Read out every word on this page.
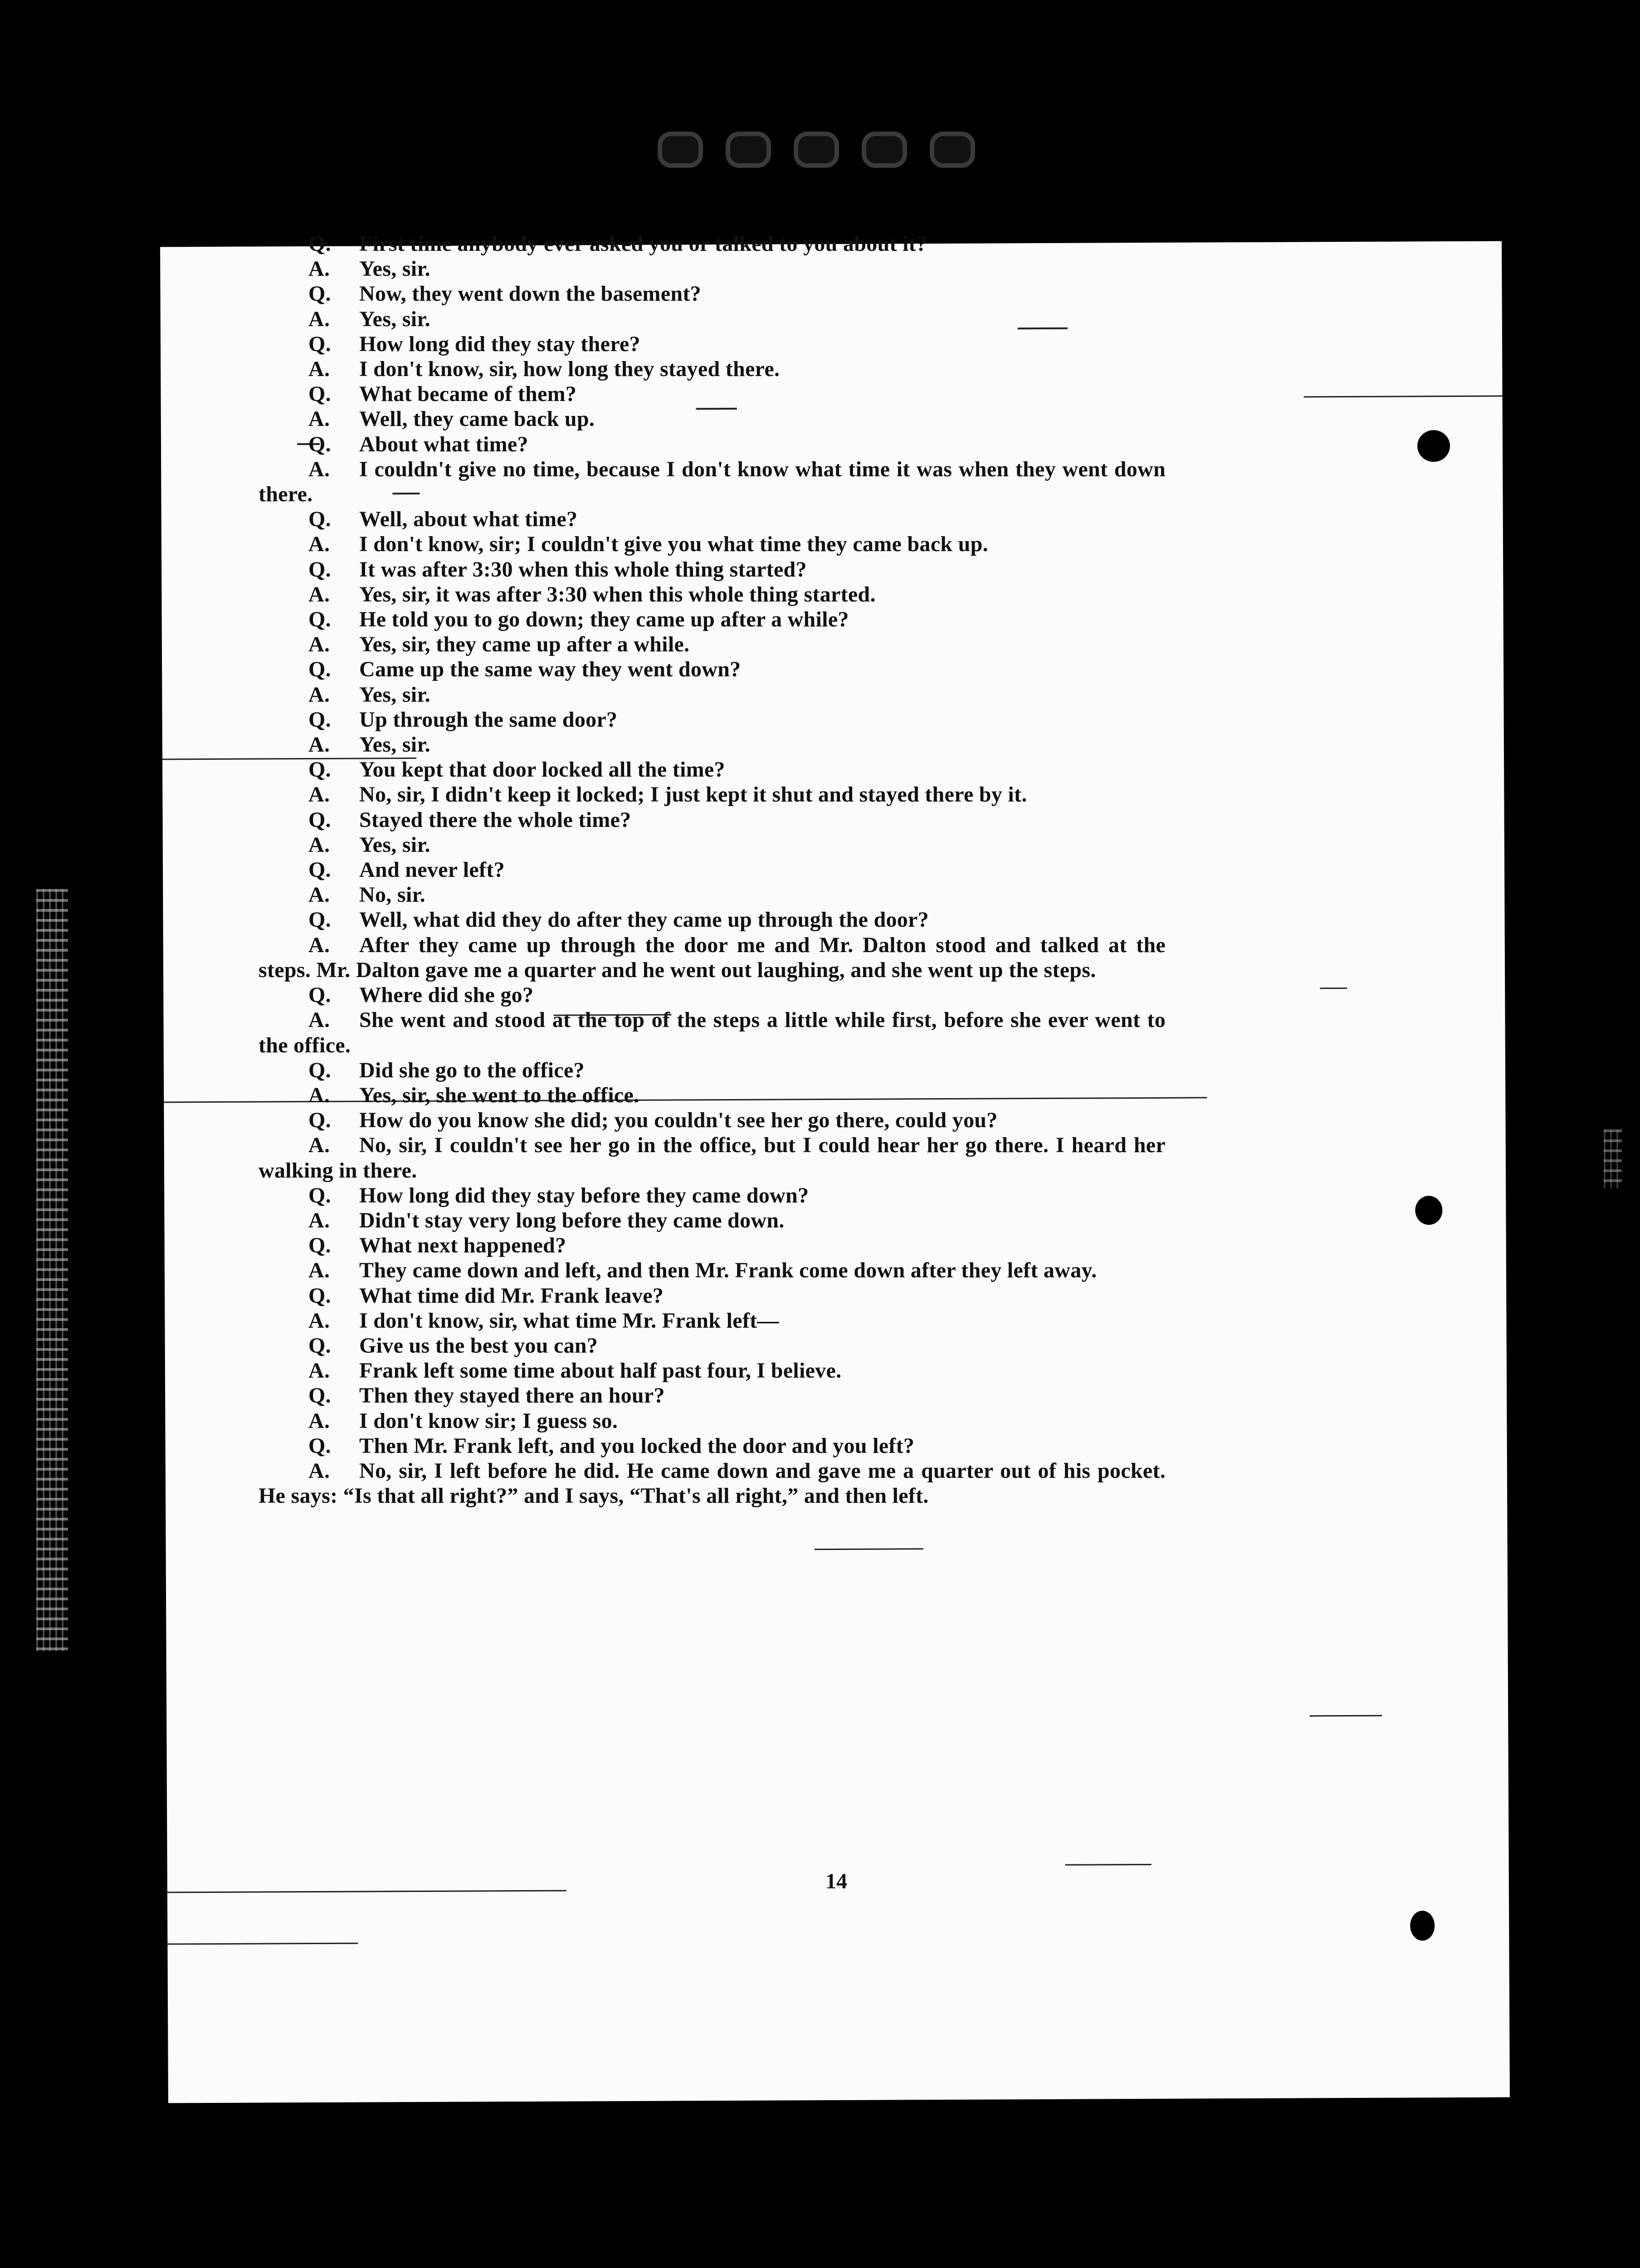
Q. First time anybody ever asked you or talked to you about it?
A. Yes, sir.
Q. Now, they went down the basement?
A. Yes, sir.
Q. How long did they stay there?
A. I don't know, sir, how long they stayed there.
Q. What became of them?
A. Well, they came back up.
Q. About what time?
A. I couldn't give no time, because I don't know what time it was when they went down there.
Q. Well, about what time?
A. I don't know, sir; I couldn't give you what time they came back up.
Q. It was after 3:30 when this whole thing started?
A. Yes, sir, it was after 3:30 when this whole thing started.
Q. He told you to go down; they came up after a while?
A. Yes, sir, they came up after a while.
Q. Came up the same way they went down?
A. Yes, sir.
Q. Up through the same door?
A. Yes, sir.
Q. You kept that door locked all the time?
A. No, sir, I didn't keep it locked; I just kept it shut and stayed there by it.
Q. Stayed there the whole time?
A. Yes, sir.
Q. And never left?
A. No, sir.
Q. Well, what did they do after they came up through the door?
A. After they came up through the door me and Mr. Dalton stood and talked at the steps. Mr. Dalton gave me a quarter and he went out laughing, and she went up the steps.
Q. Where did she go?
A. She went and stood at the top of the steps a little while first, before she ever went to the office.
Q. Did she go to the office?
A. Yes, sir, she went to the office.
Q. How do you know she did; you couldn't see her go there, could you?
A. No, sir, I couldn't see her go in the office, but I could hear her go there. I heard her walking in there.
Q. How long did they stay before they came down?
A. Didn't stay very long before they came down.
Q. What next happened?
A. They came down and left, and then Mr. Frank come down after they left away.
Q. What time did Mr. Frank leave?
A. I don't know, sir, what time Mr. Frank left—
Q. Give us the best you can?
A. Frank left some time about half past four, I believe.
Q. Then they stayed there an hour?
A. I don't know sir; I guess so.
Q. Then Mr. Frank left, and you locked the door and you left?
A. No, sir, I left before he did. He came down and gave me a quarter out of his pocket. He says: “Is that all right?” and I says, “That's all right,” and then left.
14
